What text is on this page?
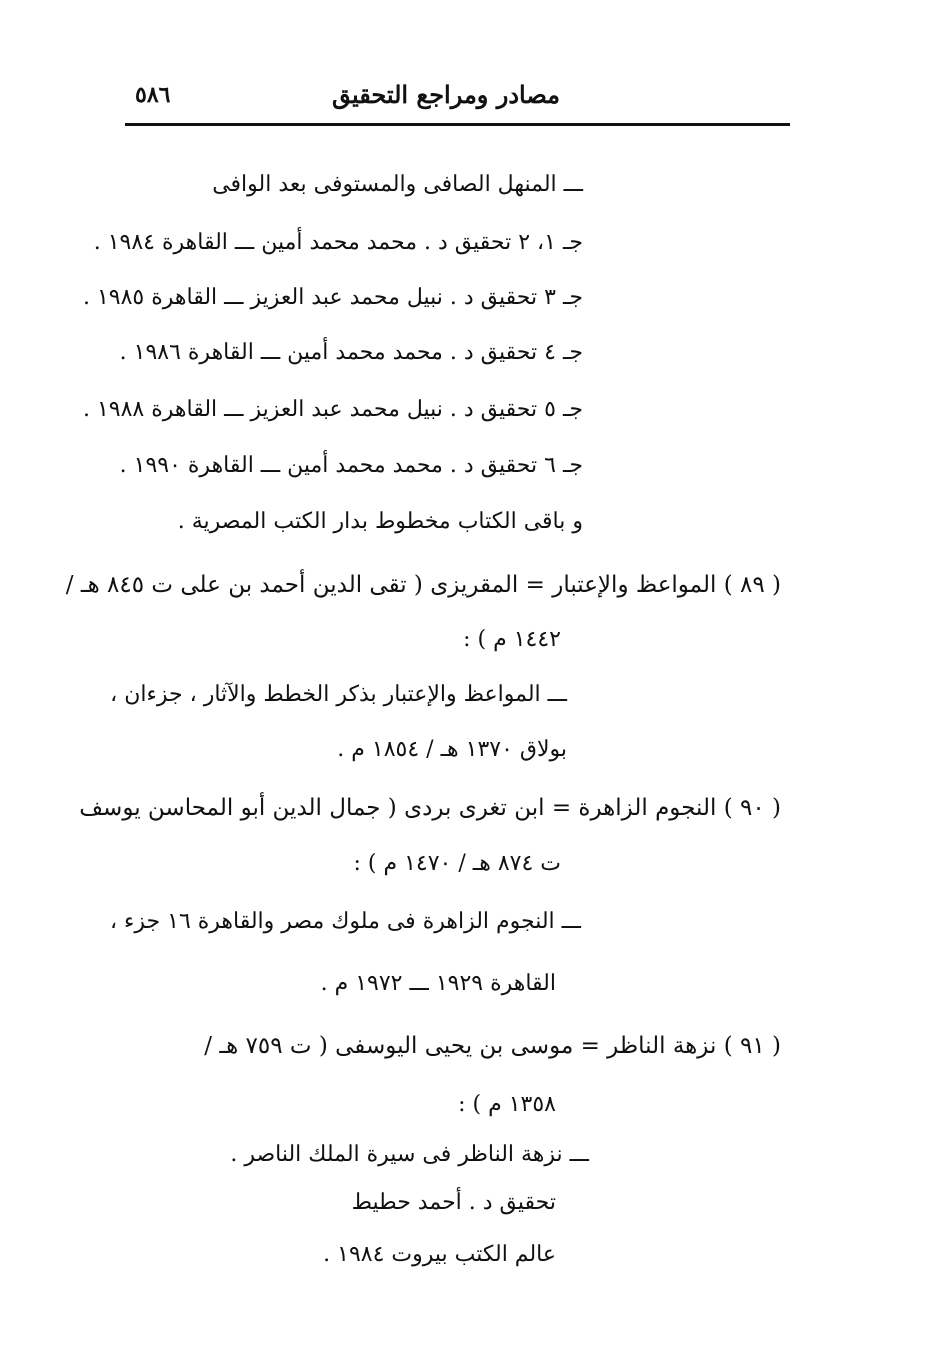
٥٨٦	مصادر ومراجع التحقيق
ـــ المنهل الصافى والمستوفى بعد الوافى
جـ ١، ٢ تحقيق د . محمد محمد أمين ـــ القاهرة ١٩٨٤ .
جـ ٣ تحقيق د . نبيل محمد عبد العزيز ـــ القاهرة ١٩٨٥ .
جـ ٤ تحقيق د . محمد محمد أمين ـــ القاهرة ١٩٨٦ .
جـ ٥ تحقيق د . نبيل محمد عبد العزيز ـــ القاهرة ١٩٨٨ .
جـ ٦ تحقيق د . محمد محمد أمين ـــ القاهرة ١٩٩٠ .
و باقى الكتاب مخطوط بدار الكتب المصرية .
( ٨٩ ) المواعظ والإعتبار = المقريزى ( تقى الدين أحمد بن على ت ٨٤٥ هـ /
١٤٤٢ م ) :
ـــ المواعظ والإعتبار بذكر الخطط والآثار ، جزءان ،
بولاق ١٣٧٠ هـ / ١٨٥٤ م .
( ٩٠ ) النجوم الزاهرة = ابن تغرى بردى ( جمال الدين أبو المحاسن يوسف
ت ٨٧٤ هـ / ١٤٧٠ م ) :
ـــ النجوم الزاهرة فى ملوك مصر والقاهرة ١٦ جزء ،
القاهرة ١٩٢٩ ـــ ١٩٧٢ م .
( ٩١ ) نزهة الناظر = موسى بن يحيى اليوسفى ( ت ٧٥٩ هـ /
١٣٥٨ م ) :
ـــ نزهة الناظر فى سيرة الملك الناصر .
تحقيق د . أحمد حطيط
عالم الكتب بيروت ١٩٨٤ .
